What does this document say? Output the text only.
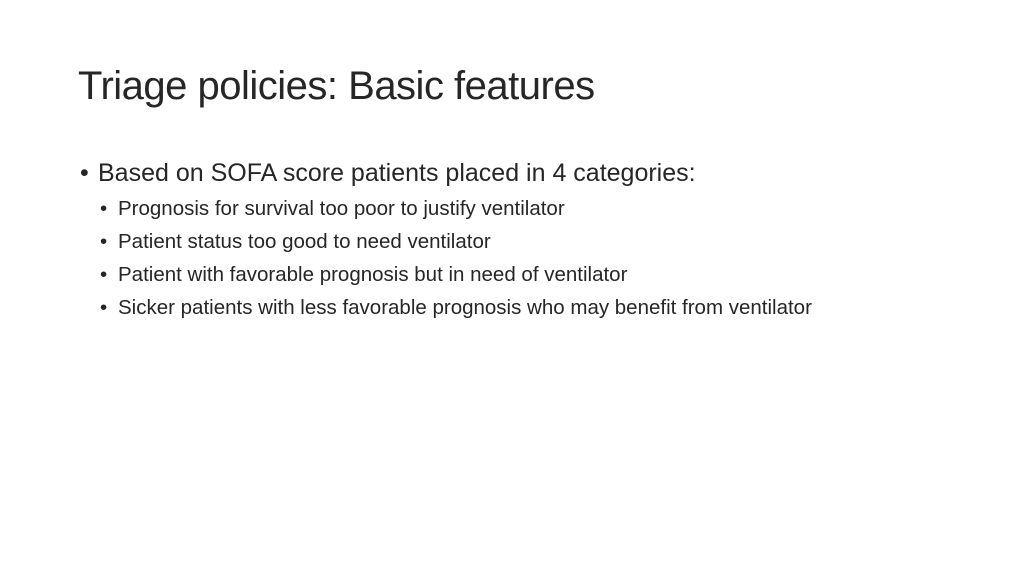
Triage policies: Basic features
• Based on SOFA score patients placed in 4 categories:
• Prognosis for survival too poor to justify ventilator
• Patient status too good to need ventilator
• Patient with favorable prognosis but in need of ventilator
• Sicker patients with less favorable prognosis who may benefit from ventilator
